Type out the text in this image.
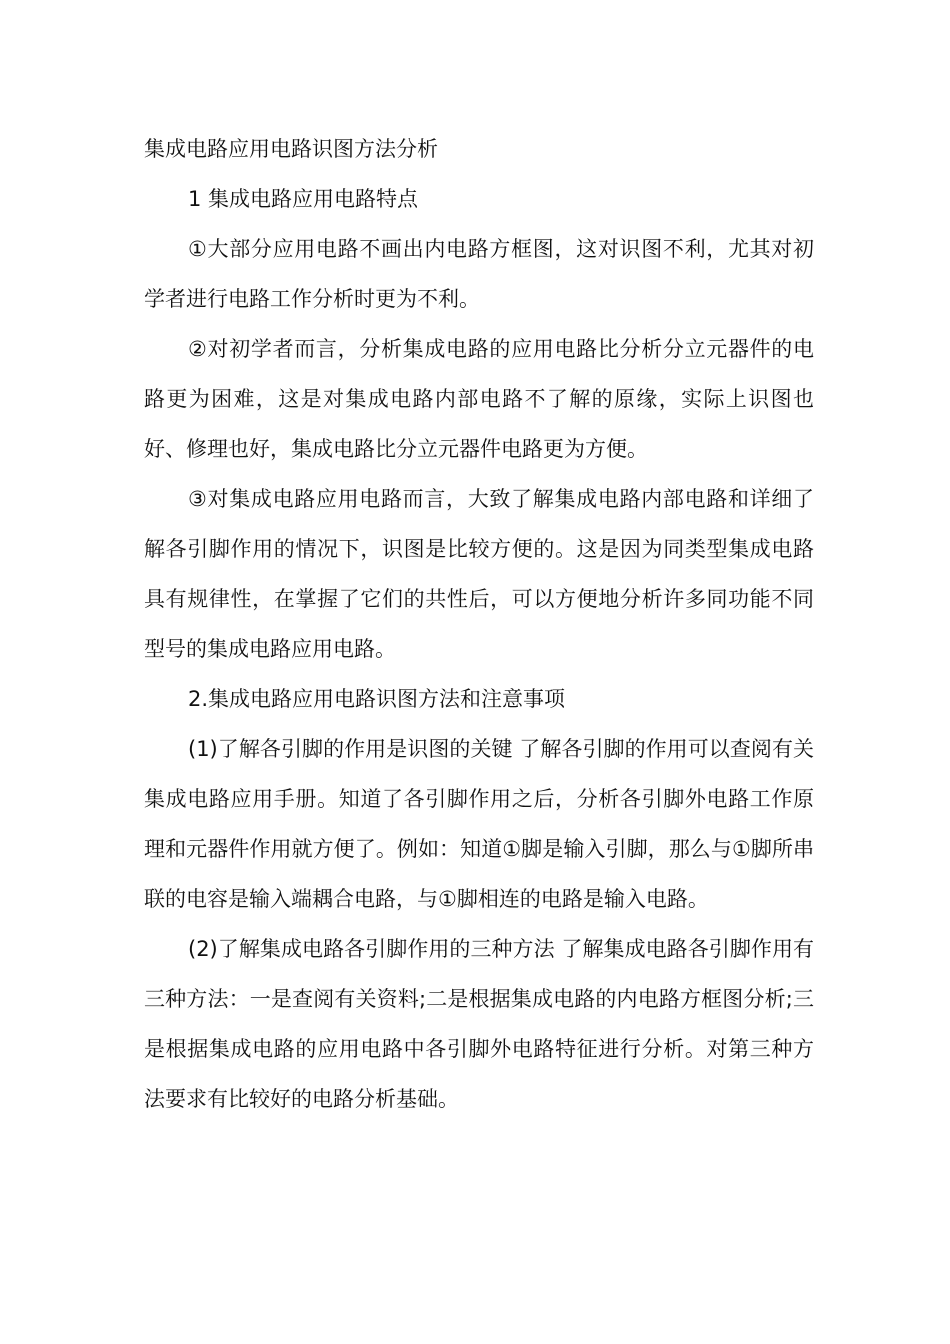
集成电路应用电路识图方法分析

1 集成电路应用电路特点

①大部分应用电路不画出内电路方框图，这对识图不利，尤其对初学者进行电路工作分析时更为不利。

②对初学者而言，分析集成电路的应用电路比分析分立元器件的电路更为困难，这是对集成电路内部电路不了解的原缘，实际上识图也好、修理也好，集成电路比分立元器件电路更为方便。

③对集成电路应用电路而言，大致了解集成电路内部电路和详细了解各引脚作用的情况下，识图是比较方便的。这是因为同类型集成电路具有规律性，在掌握了它们的共性后，可以方便地分析许多同功能不同型号的集成电路应用电路。

2.集成电路应用电路识图方法和注意事项

(1)了解各引脚的作用是识图的关键 了解各引脚的作用可以查阅有关集成电路应用手册。知道了各引脚作用之后，分析各引脚外电路工作原理和元器件作用就方便了。例如：知道①脚是输入引脚，那么与①脚所串联的电容是输入端耦合电路，与①脚相连的电路是输入电路。

(2)了解集成电路各引脚作用的三种方法 了解集成电路各引脚作用有三种方法：一是查阅有关资料;二是根据集成电路的内电路方框图分析;三是根据集成电路的应用电路中各引脚外电路特征进行分析。对第三种方法要求有比较好的电路分析基础。
